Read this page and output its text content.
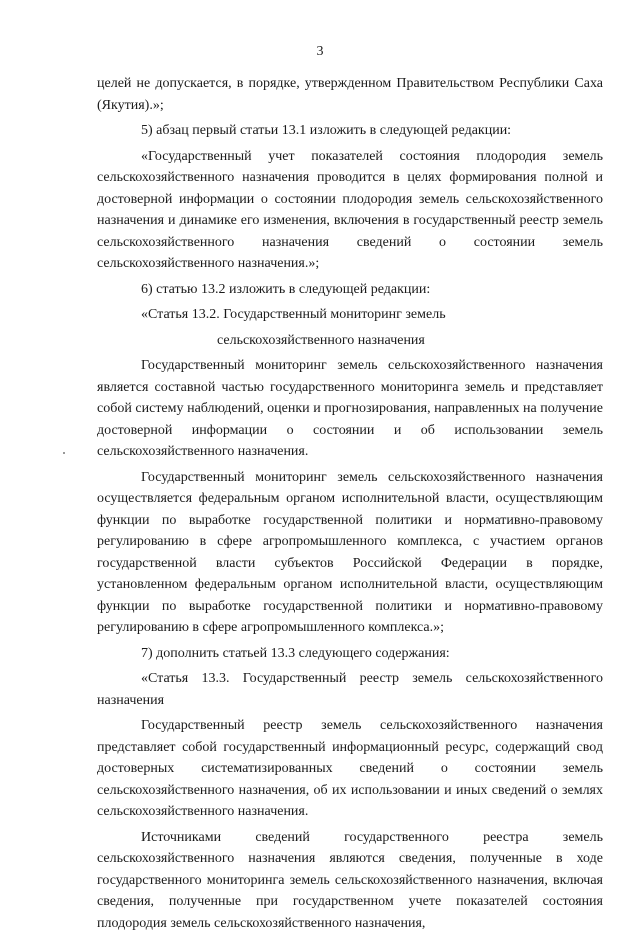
3

целей не допускается, в порядке, утвержденном Правительством Республики Саха (Якутия).»;

5) абзац первый статьи 13.1 изложить в следующей редакции:

«Государственный учет показателей состояния плодородия земель сельскохозяйственного назначения проводится в целях формирования полной и достоверной информации о состоянии плодородия земель сельскохозяйственного назначения и динамике его изменения, включения в государственный реестр земель сельскохозяйственного назначения сведений о состоянии земель сельскохозяйственного назначения.»;

6) статью 13.2 изложить в следующей редакции:

«Статья 13.2. Государственный мониторинг земель

сельскохозяйственного назначения

Государственный мониторинг земель сельскохозяйственного назначения является составной частью государственного мониторинга земель и представляет собой систему наблюдений, оценки и прогнозирования, направленных на получение достоверной информации о состоянии и об использовании земель сельскохозяйственного назначения.

Государственный мониторинг земель сельскохозяйственного назначения осуществляется федеральным органом исполнительной власти, осуществляющим функции по выработке государственной политики и нормативно-правовому регулированию в сфере агропромышленного комплекса, с участием органов государственной власти субъектов Российской Федерации в порядке, установленном федеральным органом исполнительной власти, осуществляющим функции по выработке государственной политики и нормативно-правовому регулированию в сфере агропромышленного комплекса.»;

7) дополнить статьей 13.3 следующего содержания:

«Статья 13.3. Государственный реестр земель сельскохозяйственного назначения

Государственный реестр земель сельскохозяйственного назначения представляет собой государственный информационный ресурс, содержащий свод достоверных систематизированных сведений о состоянии земель сельскохозяйственного назначения, об их использовании и иных сведений о землях сельскохозяйственного назначения.

Источниками сведений государственного реестра земель сельскохозяйственного назначения являются сведения, полученные в ходе государственного мониторинга земель сельскохозяйственного назначения, включая сведения, полученные при государственном учете показателей состояния плодородия земель сельскохозяйственного назначения,
